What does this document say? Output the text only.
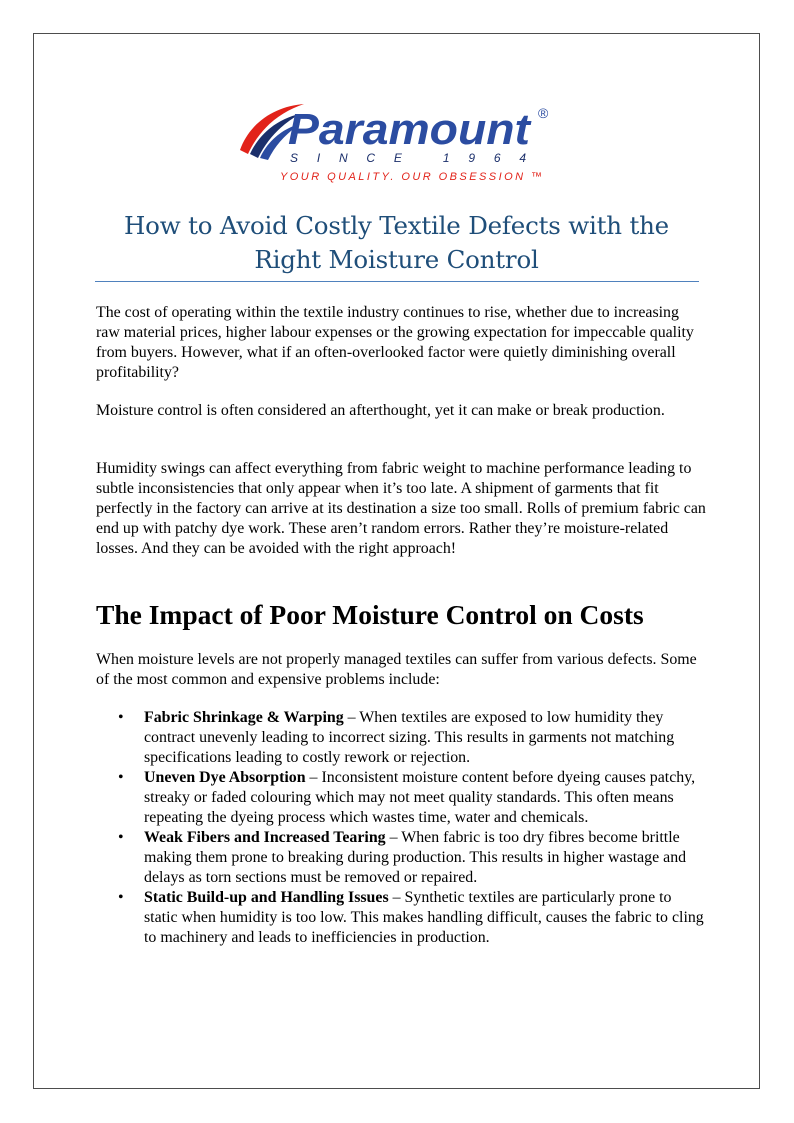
Paramount ®
S I N C E   1 9 6 4
YOUR QUALITY. OUR OBSESSION ™
How to Avoid Costly Textile Defects with the Right Moisture Control

The cost of operating within the textile industry continues to rise, whether due to increasing raw material prices, higher labour expenses or the growing expectation for impeccable quality from buyers. However, what if an often-overlooked factor were quietly diminishing overall profitability?

Moisture control is often considered an afterthought, yet it can make or break production.

Humidity swings can affect everything from fabric weight to machine performance leading to subtle inconsistencies that only appear when it’s too late. A shipment of garments that fit perfectly in the factory can arrive at its destination a size too small. Rolls of premium fabric can end up with patchy dye work. These aren’t random errors. Rather they’re moisture-related losses. And they can be avoided with the right approach!

The Impact of Poor Moisture Control on Costs

When moisture levels are not properly managed textiles can suffer from various defects. Some of the most common and expensive problems include:

• Fabric Shrinkage & Warping – When textiles are exposed to low humidity they contract unevenly leading to incorrect sizing. This results in garments not matching specifications leading to costly rework or rejection.
• Uneven Dye Absorption – Inconsistent moisture content before dyeing causes patchy, streaky or faded colouring which may not meet quality standards. This often means repeating the dyeing process which wastes time, water and chemicals.
• Weak Fibers and Increased Tearing – When fabric is too dry fibres become brittle making them prone to breaking during production. This results in higher wastage and delays as torn sections must be removed or repaired.
• Static Build-up and Handling Issues – Synthetic textiles are particularly prone to static when humidity is too low. This makes handling difficult, causes the fabric to cling to machinery and leads to inefficiencies in production.
